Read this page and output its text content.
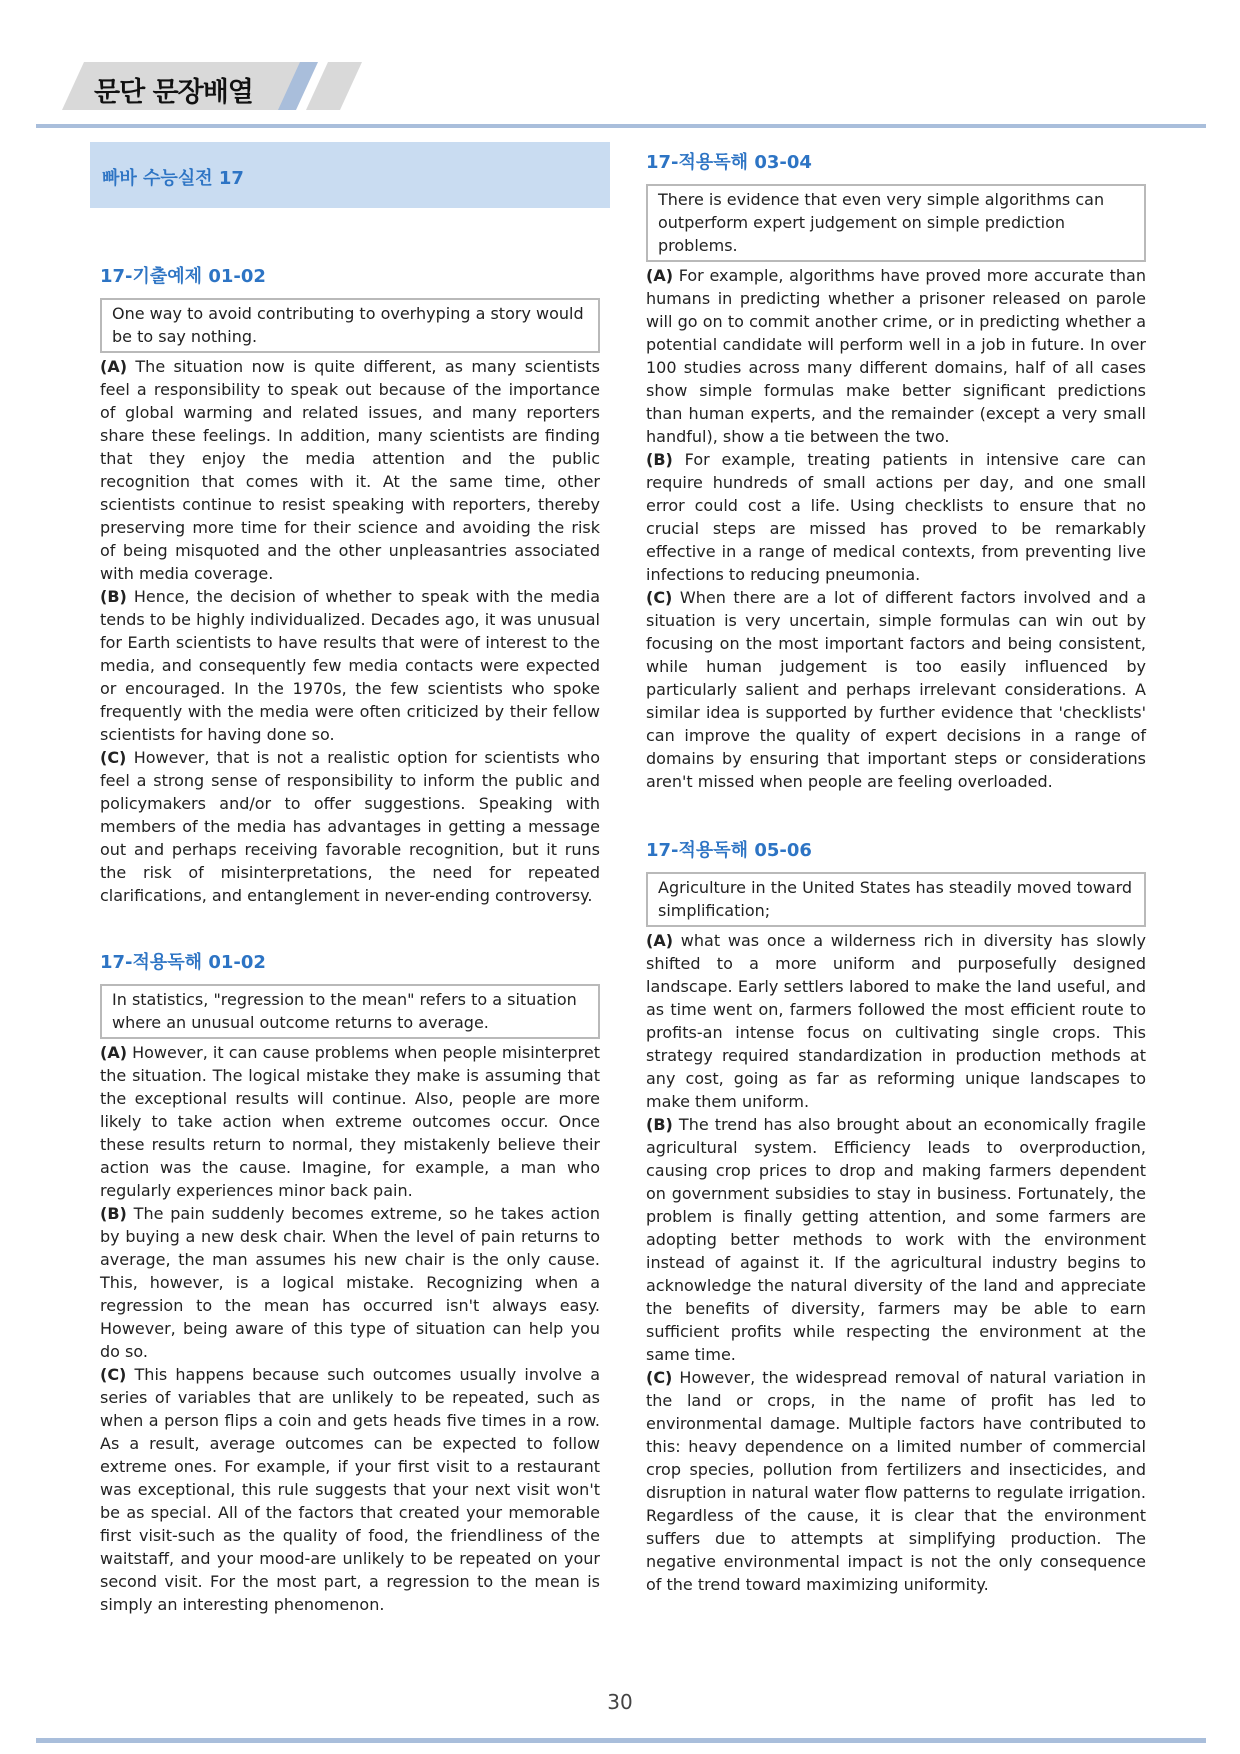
문단 문장배열
빠바 수능실전 17
17-기출예제 01-02
One way to avoid contributing to overhyping a story would be to say nothing.

(A) The situation now is quite different, as many scientists feel a responsibility to speak out because of the importance of global warming and related issues, and many reporters share these feelings. In addition, many scientists are finding that they enjoy the media attention and the public recognition that comes with it. At the same time, other scientists continue to resist speaking with reporters, thereby preserving more time for their science and avoiding the risk of being misquoted and the other unpleasantries associated with media coverage.

(B) Hence, the decision of whether to speak with the media tends to be highly individualized. Decades ago, it was unusual for Earth scientists to have results that were of interest to the media, and consequently few media contacts were expected or encouraged. In the 1970s, the few scientists who spoke frequently with the media were often criticized by their fellow scientists for having done so.

(C) However, that is not a realistic option for scientists who feel a strong sense of responsibility to inform the public and policymakers and/or to offer suggestions. Speaking with members of the media has advantages in getting a message out and perhaps receiving favorable recognition, but it runs the risk of misinterpretations, the need for repeated clarifications, and entanglement in never-ending controversy.

17-적용독해 01-02
In statistics, "regression to the mean" refers to a situation where an unusual outcome returns to average.

(A) However, it can cause problems when people misinterpret the situation. The logical mistake they make is assuming that the exceptional results will continue. Also, people are more likely to take action when extreme outcomes occur. Once these results return to normal, they mistakenly believe their action was the cause. Imagine, for example, a man who regularly experiences minor back pain.

(B) The pain suddenly becomes extreme, so he takes action by buying a new desk chair. When the level of pain returns to average, the man assumes his new chair is the only cause. This, however, is a logical mistake. Recognizing when a regression to the mean has occurred isn't always easy. However, being aware of this type of situation can help you do so.

(C) This happens because such outcomes usually involve a series of variables that are unlikely to be repeated, such as when a person flips a coin and gets heads five times in a row. As a result, average outcomes can be expected to follow extreme ones. For example, if your first visit to a restaurant was exceptional, this rule suggests that your next visit won't be as special. All of the factors that created your memorable first visit-such as the quality of food, the friendliness of the waitstaff, and your mood-are unlikely to be repeated on your second visit. For the most part, a regression to the mean is simply an interesting phenomenon.

17-적용독해 03-04
There is evidence that even very simple algorithms can outperform expert judgement on simple prediction problems.

(A) For example, algorithms have proved more accurate than humans in predicting whether a prisoner released on parole will go on to commit another crime, or in predicting whether a potential candidate will perform well in a job in future. In over 100 studies across many different domains, half of all cases show simple formulas make better significant predictions than human experts, and the remainder (except a very small handful), show a tie between the two.

(B) For example, treating patients in intensive care can require hundreds of small actions per day, and one small error could cost a life. Using checklists to ensure that no crucial steps are missed has proved to be remarkably effective in a range of medical contexts, from preventing live infections to reducing pneumonia.

(C) When there are a lot of different factors involved and a situation is very uncertain, simple formulas can win out by focusing on the most important factors and being consistent, while human judgement is too easily influenced by particularly salient and perhaps irrelevant considerations. A similar idea is supported by further evidence that 'checklists' can improve the quality of expert decisions in a range of domains by ensuring that important steps or considerations aren't missed when people are feeling overloaded.

17-적용독해 05-06
Agriculture in the United States has steadily moved toward simplification;

(A) what was once a wilderness rich in diversity has slowly shifted to a more uniform and purposefully designed landscape. Early settlers labored to make the land useful, and as time went on, farmers followed the most efficient route to profits-an intense focus on cultivating single crops. This strategy required standardization in production methods at any cost, going as far as reforming unique landscapes to make them uniform.

(B) The trend has also brought about an economically fragile agricultural system. Efficiency leads to overproduction, causing crop prices to drop and making farmers dependent on government subsidies to stay in business. Fortunately, the problem is finally getting attention, and some farmers are adopting better methods to work with the environment instead of against it. If the agricultural industry begins to acknowledge the natural diversity of the land and appreciate the benefits of diversity, farmers may be able to earn sufficient profits while respecting the environment at the same time.

(C) However, the widespread removal of natural variation in the land or crops, in the name of profit has led to environmental damage. Multiple factors have contributed to this: heavy dependence on a limited number of commercial crop species, pollution from fertilizers and insecticides, and disruption in natural water flow patterns to regulate irrigation. Regardless of the cause, it is clear that the environment suffers due to attempts at simplifying production. The negative environmental impact is not the only consequence of the trend toward maximizing uniformity.

30
